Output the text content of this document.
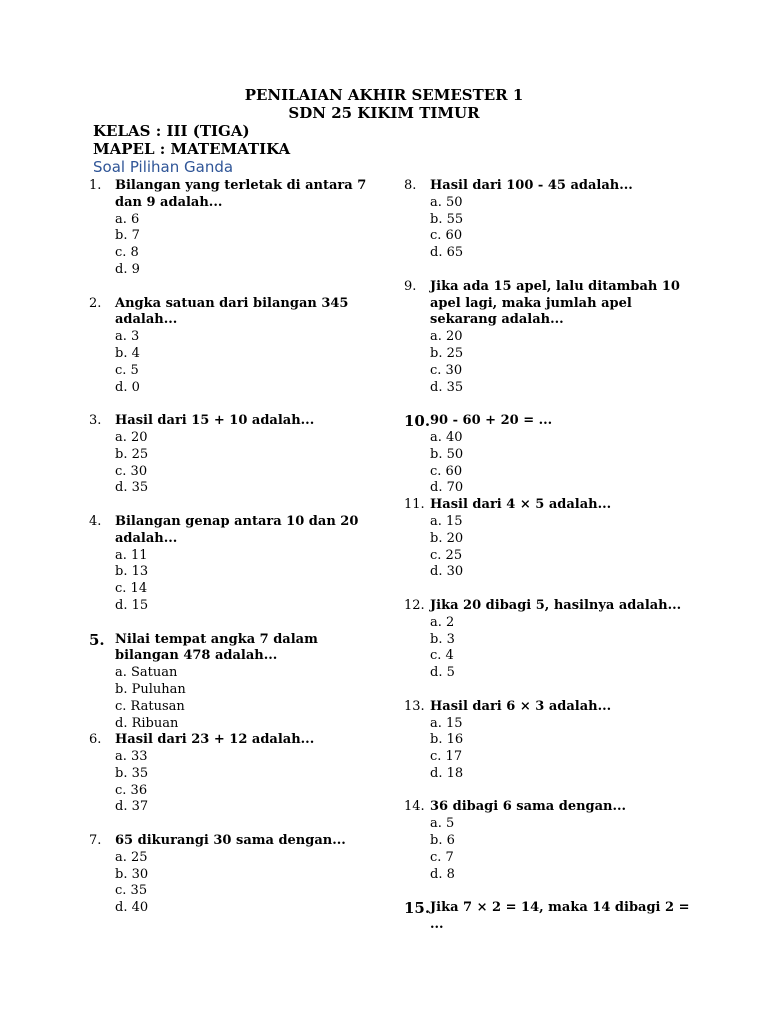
PENILAIAN AKHIR SEMESTER 1
SDN 25 KIKIM TIMUR
KELAS : III (TIGA)
MAPEL : MATEMATIKA
Soal Pilihan Ganda
1.	Bilangan yang terletak di antara 7 dan 9 adalah...
a. 6
b. 7
c. 8
d. 9
2.	Angka satuan dari bilangan 345 adalah...
a. 3
b. 4
c. 5
d. 0
3.	Hasil dari 15 + 10 adalah...
a. 20
b. 25
c. 30
d. 35
4.	Bilangan genap antara 10 dan 20 adalah...
a. 11
b. 13
c. 14
d. 15
5. Nilai tempat angka 7 dalam bilangan 478 adalah...
a. Satuan
b. Puluhan
c. Ratusan
d. Ribuan
6.	Hasil dari 23 + 12 adalah...
a. 33
b. 35
c. 36
d. 37
7.	65 dikurangi 30 sama dengan...
a. 25
b. 30
c. 35
d. 40
8.	Hasil dari 100 - 45 adalah...
a. 50
b. 55
c. 60
d. 65
9.	Jika ada 15 apel, lalu ditambah 10 apel lagi, maka jumlah apel sekarang adalah...
a. 20
b. 25
c. 30
d. 35
10. 90 - 60 + 20 = ...
a. 40
b. 50
c. 60
d. 70
11. Hasil dari 4 × 5 adalah...
a. 15
b. 20
c. 25
d. 30
12. Jika 20 dibagi 5, hasilnya adalah...
a. 2
b. 3
c. 4
d. 5
13. Hasil dari 6 × 3 adalah...
a. 15
b. 16
c. 17
d. 18
14. 36 dibagi 6 sama dengan...
a. 5
b. 6
c. 7
d. 8
15. Jika 7 × 2 = 14, maka 14 dibagi 2 = ...
